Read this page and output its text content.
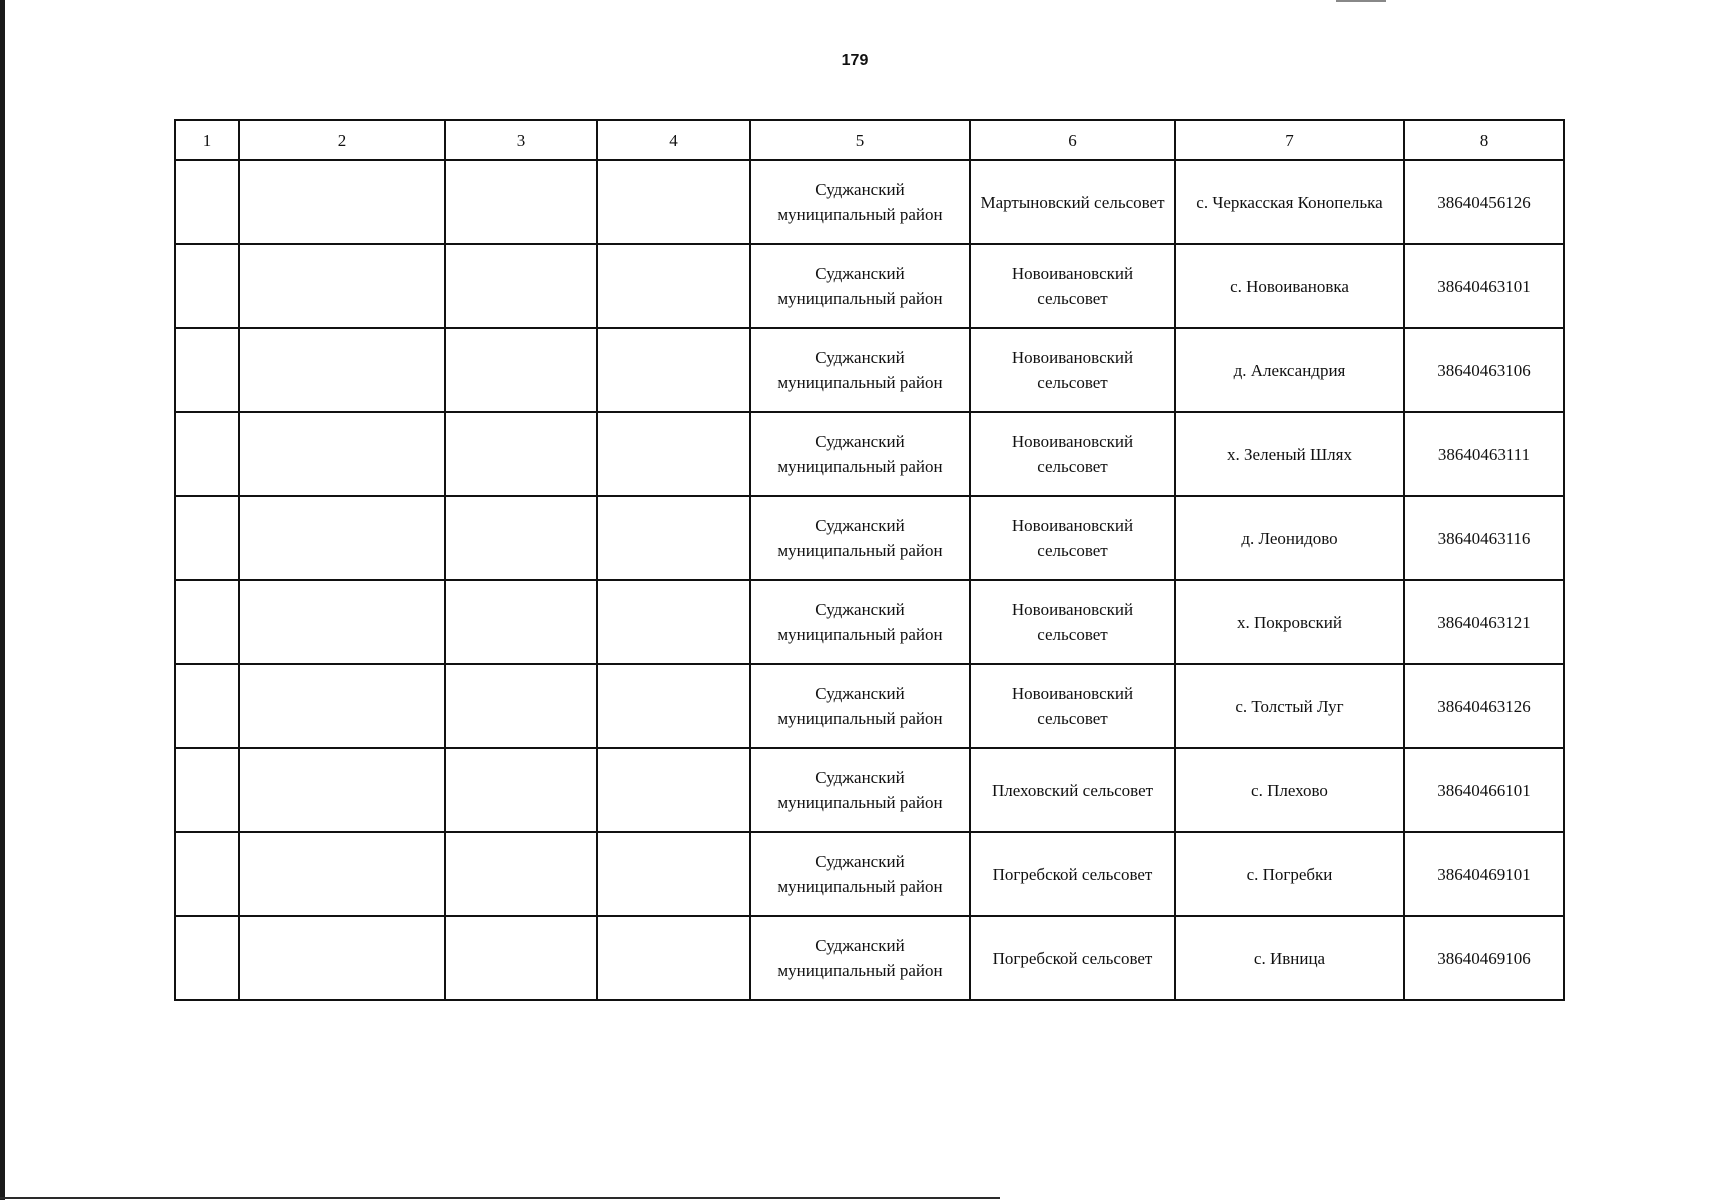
179
1	2	3	4	5	6	7	8
				Суджанский муниципальный район	Мартыновский сельсовет	с. Черкасская Конопелька	38640456126
				Суджанский муниципальный район	Новоивановский сельсовет	с. Новоивановка	38640463101
				Суджанский муниципальный район	Новоивановский сельсовет	д. Александрия	38640463106
				Суджанский муниципальный район	Новоивановский сельсовет	х. Зеленый Шлях	38640463111
				Суджанский муниципальный район	Новоивановский сельсовет	д. Леонидово	38640463116
				Суджанский муниципальный район	Новоивановский сельсовет	х. Покровский	38640463121
				Суджанский муниципальный район	Новоивановский сельсовет	с. Толстый Луг	38640463126
				Суджанский муниципальный район	Плеховский сельсовет	с. Плехово	38640466101
				Суджанский муниципальный район	Погребской сельсовет	с. Погребки	38640469101
				Суджанский муниципальный район	Погребской сельсовет	с. Ивница	38640469106
